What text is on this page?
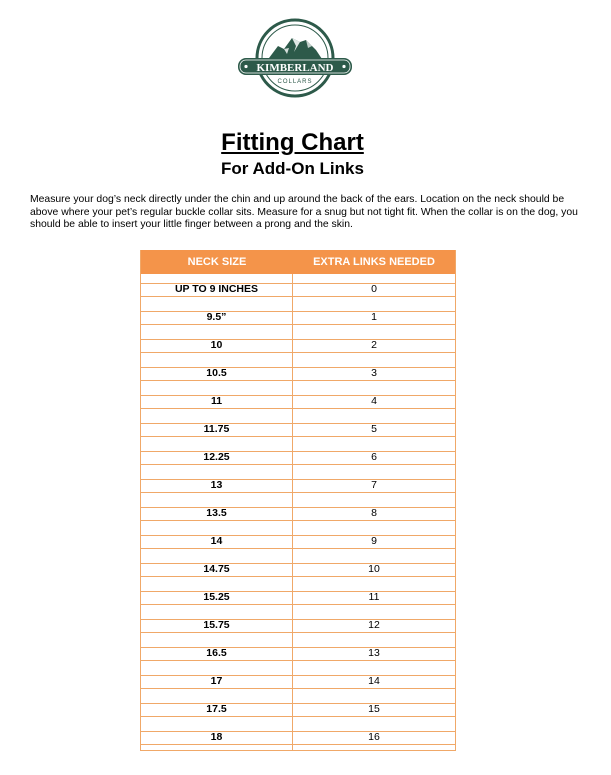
KIMBERLAND
COLLARS
Fitting Chart
For Add-On Links

Measure your dog’s neck directly under the chin and up around the back of the ears. Location on the neck should be above where your pet’s regular buckle collar sits. Measure for a snug but not tight fit. When the collar is on the dog, you should be able to insert your little finger between a prong and the skin.

NECK SIZE	EXTRA LINKS NEEDED
UP TO 9 INCHES	0
9.5”	1
10	2
10.5	3
11	4
11.75	5
12.25	6
13	7
13.5	8
14	9
14.75	10
15.25	11
15.75	12
16.5	13
17	14
17.5	15
18	16
